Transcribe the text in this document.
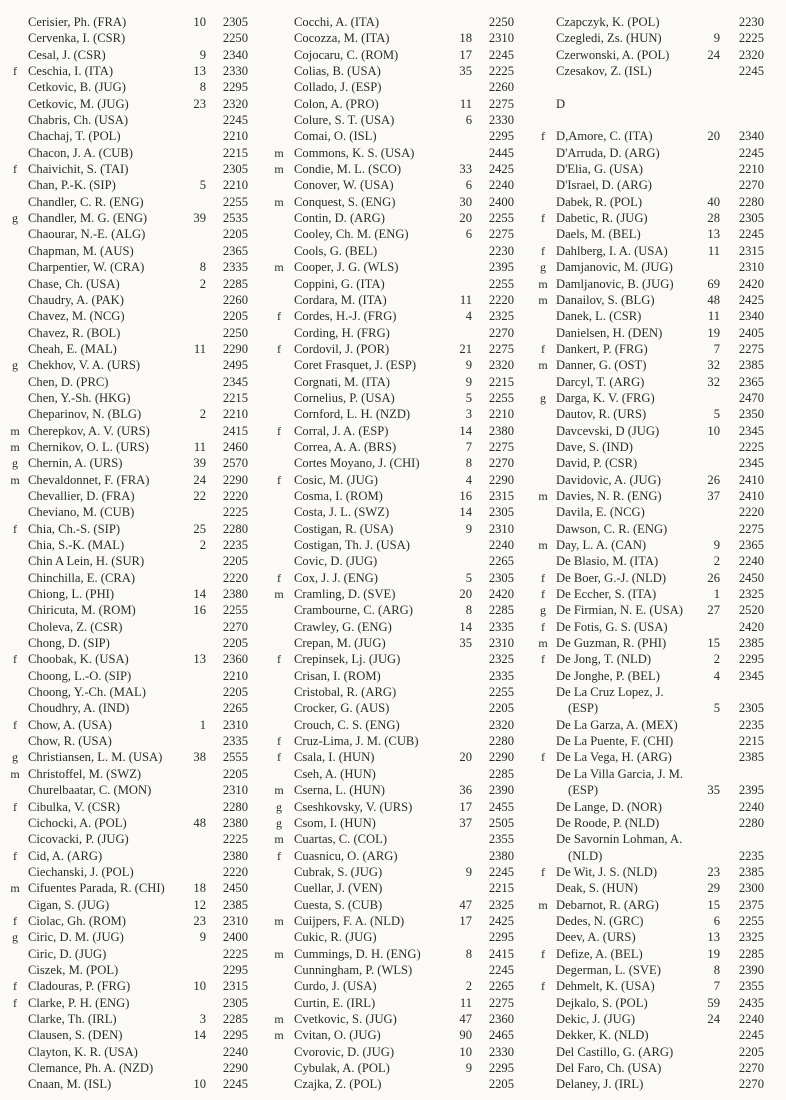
Cerisier, Ph. (FRA)	10	2305
Cervenka, I. (CSR)	2250
Cesal, J. (CSR)	9	2340
f Ceschia, I. (ITA)	13	2330
Cetkovic, B. (JUG)	8	2295
Cetkovic, M. (JUG)	23	2320
Chabris, Ch. (USA)	2245
Chachaj, T. (POL)	2210
Chacon, J. A. (CUB)	2215
f Chaivichit, S. (TAI)	2305
Chan, P.-K. (SIP)	5	2210
Chandler, C. R. (ENG)	2255
g Chandler, M. G. (ENG)	39	2535
Chaourar, N.-E. (ALG)	2205
Chapman, M. (AUS)	2365
Charpentier, W. (CRA)	8	2335
Chase, Ch. (USA)	2	2285
Chaudry, A. (PAK)	2260
Chavez, M. (NCG)	2205
Chavez, R. (BOL)	2250
Cheah, E. (MAL)	11	2290
g Chekhov, V. A. (URS)	2495
Chen, D. (PRC)	2345
Chen, Y.-Sh. (HKG)	2215
Cheparinov, N. (BLG)	2	2210
m Cherepkov, A. V. (URS)	2415
m Chernikov, O. L. (URS)	11	2460
g Chernin, A. (URS)	39	2570
m Chevaldonnet, F. (FRA)	24	2290
Chevallier, D. (FRA)	22	2220
Cheviano, M. (CUB)	2225
f Chia, Ch.-S. (SIP)	25	2280
Chia, S.-K. (MAL)	2	2235
Chin A Lein, H. (SUR)	2205
Chinchilla, E. (CRA)	2220
Chiong, L. (PHI)	14	2380
Chiricuta, M. (ROM)	16	2255
Choleva, Z. (CSR)	2270
Chong, D. (SIP)	2205
f Choobak, K. (USA)	13	2360
Choong, L.-O. (SIP)	2210
Choong, Y.-Ch. (MAL)	2205
Choudhry, A. (IND)	2265
f Chow, A. (USA)	1	2310
Chow, R. (USA)	2335
g Christiansen, L. M. (USA)	38	2555
m Christoffel, M. (SWZ)	2205
Churelbaatar, C. (MON)	2310
f Cibulka, V. (CSR)	2280
Cichocki, A. (POL)	48	2380
Cicovacki, P. (JUG)	2225
f Cid, A. (ARG)	2380
Ciechanski, J. (POL)	2220
m Cifuentes Parada, R. (CHI)	18	2450
Cigan, S. (JUG)	12	2385
f Ciolac, Gh. (ROM)	23	2310
g Ciric, D. M. (JUG)	9	2400
Ciric, D. (JUG)	2225
Ciszek, M. (POL)	2295
f Cladouras, P. (FRG)	10	2315
f Clarke, P. H. (ENG)	2305
Clarke, Th. (IRL)	3	2285
Clausen, S. (DEN)	14	2295
Clayton, K. R. (USA)	2240
Clemance, Ph. A. (NZD)	2290
Cnaan, M. (ISL)	10	2245
Cocchi, A. (ITA)	2250
Cocozza, M. (ITA)	18	2310
Cojocaru, C. (ROM)	17	2245
Colias, B. (USA)	35	2225
Collado, J. (ESP)	2260
Colon, A. (PRO)	11	2275
Colure, S. T. (USA)	6	2330
Comai, O. (ISL)	2295
m Commons, K. S. (USA)	2445
m Condie, M. L. (SCO)	33	2425
Conover, W. (USA)	6	2240
m Conquest, S. (ENG)	30	2400
Contin, D. (ARG)	20	2255
Cooley, Ch. M. (ENG)	6	2275
Cools, G. (BEL)	2230
m Cooper, J. G. (WLS)	2395
Coppini, G. (ITA)	2255
Cordara, M. (ITA)	11	2220
f	Cordes, H.-J. (FRG)	4	2325
Cording, H. (FRG)	2270
f	Cordovil, J. (POR)	21	2275
Coret Frasquet, J. (ESP)	9	2320
Corgnati, M. (ITA)	9	2215
Cornelius, P. (USA)	5	2255
Cornford, L. H. (NZD)	3	2210
f	Corral, J. A. (ESP)	14	2380
Correa, A. A. (BRS)	7	2275
Cortes Moyano, J. (CHI)	8	2270
f	Cosic, M. (JUG)	4	2290
Cosma, I. (ROM)	16	2315
Costa, J. L. (SWZ)	14	2305
Costigan, R. (USA)	9	2310
Costigan, Th. J. (USA)	2240
Covic, D. (JUG)	2265
f	Cox, J. J. (ENG)	5	2305
m Cramling, D. (SVE)	20	2420
Crambourne, C. (ARG)	8	2285
Crawley, G. (ENG)	14	2335
Crepan, M. (JUG)	35	2310
f	Crepinsek, Lj. (JUG)	2325
Crisan, I. (ROM)	2335
Cristobal, R. (ARG)	2255
Crocker, G. (AUS)	2205
Crouch, C. S. (ENG)	2320
f	Cruz-Lima, J. M. (CUB)	2280
f	Csala, I. (HUN)	20	2290
Cseh, A. (HUN)	2285
m Cserna, L. (HUN)	36	2390
g Cseshkovsky, V. (URS)	17	2455
g Csom, I. (HUN)	37	2505
m Cuartas, C. (COL)	2355
f	Cuasnicu, O. (ARG)	2380
Cubrak, S. (JUG)	9	2245
Cuellar, J. (VEN)	2215
Cuesta, S. (CUB)	47	2325
m Cuijpers, F. A. (NLD)	17	2425
Cukic, R. (JUG)	2295
m Cummings, D. H. (ENG)	8	2415
Cunningham, P. (WLS)	2245
Curdo, J. (USA)	2	2265
Curtin, E. (IRL)	11	2275
m Cvetkovic, S. (JUG)	47	2360
m Cvitan, O. (JUG)	90	2465
Cvorovic, D. (JUG)	10	2330
Cybulak, A. (POL)	9	2295
Czajka, Z. (POL)	2205
Czapczyk, K. (POL)	2230
Czegledi, Zs. (HUN)	9	2225
Czerwonski, A. (POL)	24	2320
Czesakov, Z. (ISL)	2245
D
f D,Amore, C. (ITA)	20	2340
D'Arruda, D. (ARG)	2245
D'Elia, G. (USA)	2210
D'Israel, D. (ARG)	2270
Dabek, R. (POL)	40	2280
f Dabetic, R. (JUG)	28	2305
Daels, M. (BEL)	13	2245
f Dahlberg, I. A. (USA)	11	2315
g Damjanovic, M. (JUG)	2310
m Damljanovic, B. (JUG)	69	2420
m Danailov, S. (BLG)	48	2425
Danek, L. (CSR)	11	2340
Danielsen, H. (DEN)	19	2405
f Dankert, P. (FRG)	7	2275
m Danner, G. (OST)	32	2385
Darcyl, T. (ARG)	32	2365
g Darga, K. V. (FRG)	2470
Dautov, R. (URS)	5	2350
Davcevski, D (JUG)	10	2345
Dave, S. (IND)	2225
David, P. (CSR)	2345
Davidovic, A. (JUG)	26	2410
m Davies, N. R. (ENG)	37	2410
Davila, E. (NCG)	2220
Dawson, C. R. (ENG)	2275
m Day, L. A. (CAN)	9	2365
De Blasio, M. (ITA)	2	2240
f De Boer, G.-J. (NLD)	26	2450
f De Eccher, S. (ITA)	1	2325
g De Firmian, N. E. (USA)	27	2520
f De Fotis, G. S. (USA)	2420
m De Guzman, R. (PHI)	15	2385
f De Jong, T. (NLD)	2	2295
De Jonghe, P. (BEL)	4	2345
De La Cruz Lopez, J.
(ESP)	5	2305
De La Garza, A. (MEX)	2235
De La Puente, F. (CHI)	2215
f De La Vega, H. (ARG)	2385
De La Villa Garcia, J. M.
(ESP)	35	2395
De Lange, D. (NOR)	2240
De Roode, P. (NLD)	2280
De Savornin Lohman, A.
(NLD)	2235
f De Wit, J. S. (NLD)	23	2385
Deak, S. (HUN)	29	2300
m Debarnot, R. (ARG)	15	2375
Dedes, N. (GRC)	6	2255
Deev, A. (URS)	13	2325
f Defize, A. (BEL)	19	2285
Degerman, L. (SVE)	8	2390
f Dehmelt, K. (USA)	7	2355
Dejkalo, S. (POL)	59	2435
Dekic, J. (JUG)	24	2240
Dekker, K. (NLD)	2245
Del Castillo, G. (ARG)	2205
Del Faro, Ch. (USA)	2270
Delaney, J. (IRL)	2270
